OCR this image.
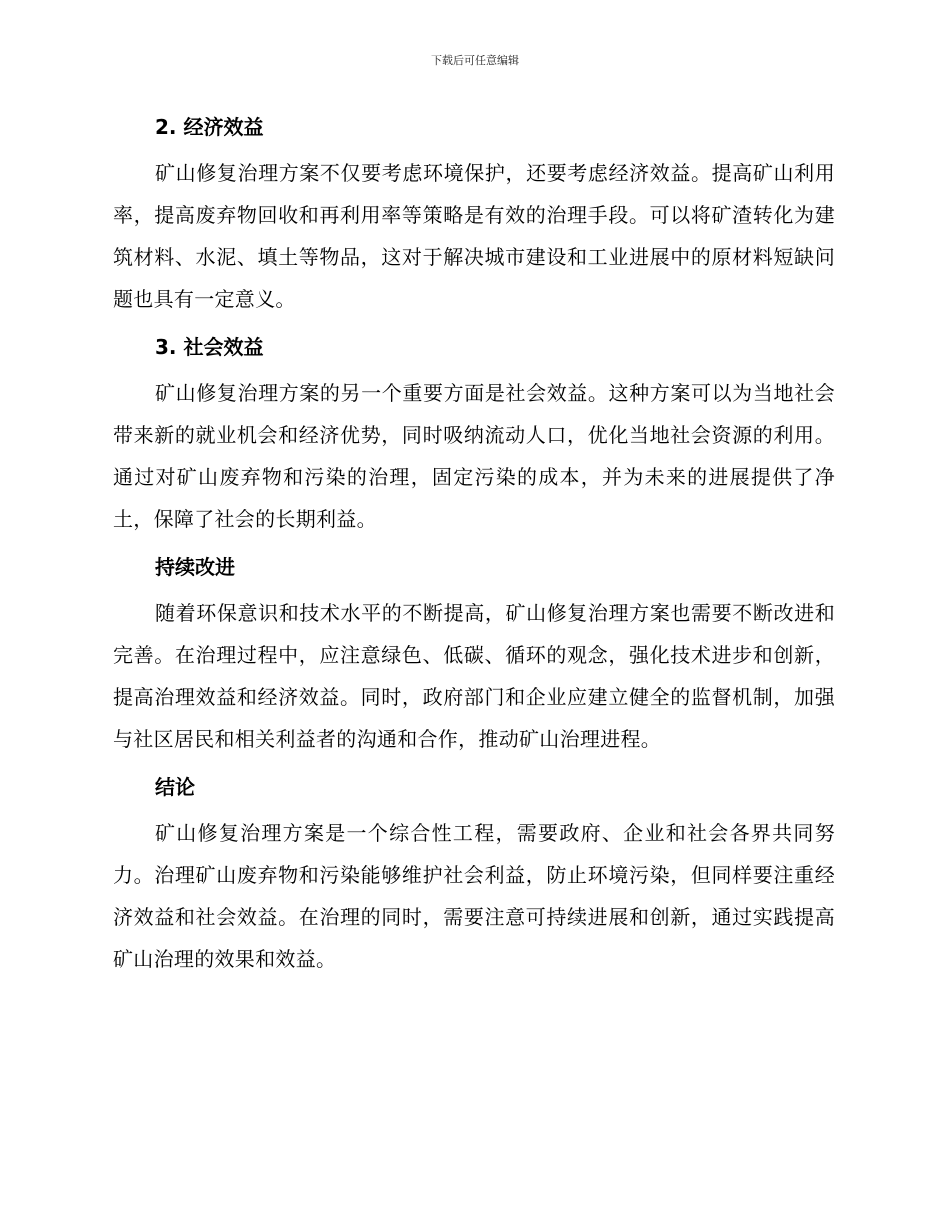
下载后可任意编辑
2. 经济效益

矿山修复治理方案不仅要考虑环境保护，还要考虑经济效益。提高矿山利用率，提高废弃物回收和再利用率等策略是有效的治理手段。可以将矿渣转化为建筑材料、水泥、填土等物品，这对于解决城市建设和工业进展中的原材料短缺问题也具有一定意义。

3. 社会效益

矿山修复治理方案的另一个重要方面是社会效益。这种方案可以为当地社会带来新的就业机会和经济优势，同时吸纳流动人口，优化当地社会资源的利用。通过对矿山废弃物和污染的治理，固定污染的成本，并为未来的进展提供了净土，保障了社会的长期利益。

持续改进

随着环保意识和技术水平的不断提高，矿山修复治理方案也需要不断改进和完善。在治理过程中，应注意绿色、低碳、循环的观念，强化技术进步和创新，提高治理效益和经济效益。同时，政府部门和企业应建立健全的监督机制，加强与社区居民和相关利益者的沟通和合作，推动矿山治理进程。

结论

矿山修复治理方案是一个综合性工程，需要政府、企业和社会各界共同努力。治理矿山废弃物和污染能够维护社会利益，防止环境污染，但同样要注重经济效益和社会效益。在治理的同时，需要注意可持续进展和创新，通过实践提高矿山治理的效果和效益。
